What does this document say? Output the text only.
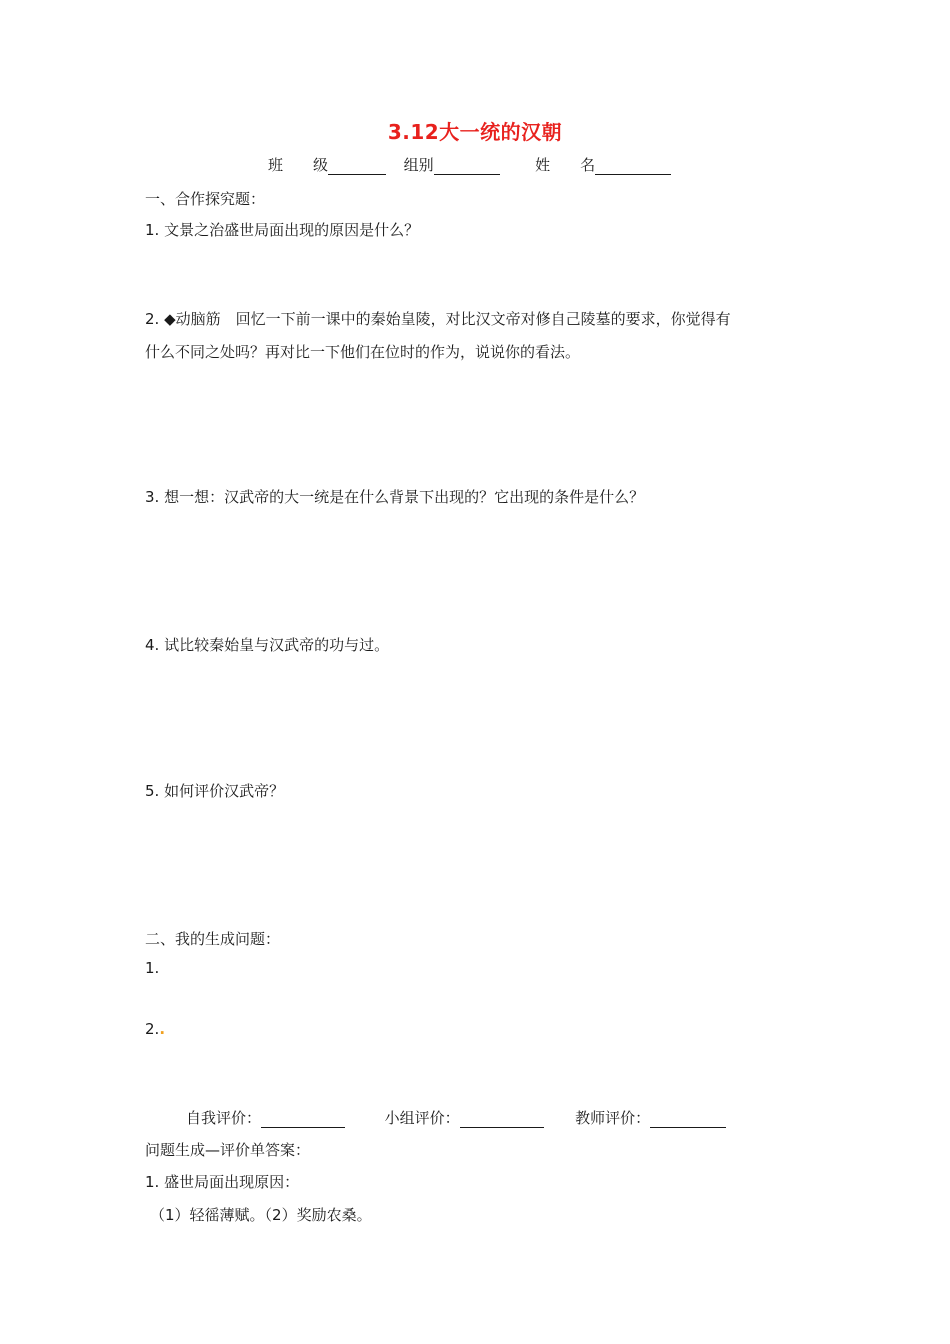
3.12大一统的汉朝
班　　级	组别	姓　　名
一、合作探究题：
1. 文景之治盛世局面出现的原因是什么？
2. ◆动脑筋　回忆一下前一课中的秦始皇陵，对比汉文帝对修自己陵墓的要求，你觉得有
什么不同之处吗？再对比一下他们在位时的作为，说说你的看法。
3. 想一想：汉武帝的大一统是在什么背景下出现的？它出现的条件是什么？
4. 试比较秦始皇与汉武帝的功与过。
5. 如何评价汉武帝？
二、我的生成问题：
1.
2..
自我评价：	小组评价：	教师评价：
问题生成—评价单答案：
1. 盛世局面出现原因：
（1）轻徭薄赋。（2）奖励农桑。
